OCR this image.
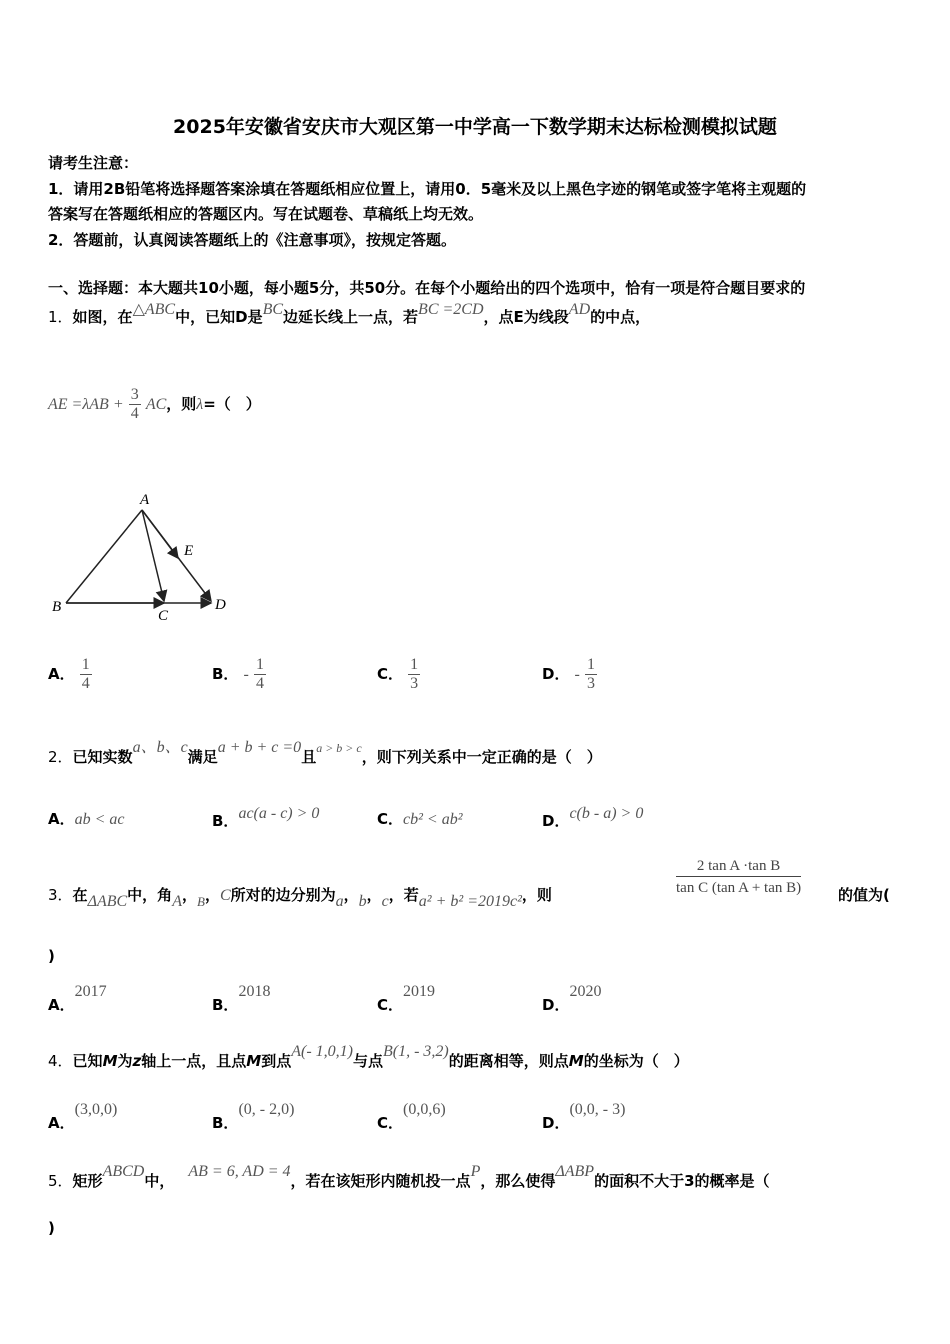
2025年安徽省安庆市大观区第一中学高一下数学期末达标检测模拟试题
请考生注意：
1．请用2B铅笔将选择题答案涂填在答题纸相应位置上，请用0．5毫米及以上黑色字迹的钢笔或签字笔将主观题的
答案写在答题纸相应的答题区内。写在试题卷、草稿纸上均无效。
2．答题前，认真阅读答题纸上的《注意事项》，按规定答题。
一、选择题：本大题共10小题，每小题5分，共50分。在每个小题给出的四个选项中，恰有一项是符合题目要求的
1．如图，在△ABC中，已知D是BC边延长线上一点，若BC =2CD，点E为线段AD的中点，
AE $=\lambda AB + \frac{3}{4}$ AC，则λ=（　）
A
B
C
D
E
A． $\frac{1}{4}$	B． - $\frac{1}{4}$	C． $\frac{1}{3}$	D． - $\frac{1}{3}$
2．已知实数a、b、c满足a + b + c =0且$^{a > b > c}$，则下列关系中一定正确的是（　）
A．ab < ac	B．ac(a - c) > 0	C．cb² < ab²	D．c(b - a) > 0
3．在ΔABC中，角A，$_B$，C所对的边分别为a，b，c，若a² + b² =2019c²，则	$\frac{\text{2 tan A ·tan B}}{\text{tan C (tan A + tan B)}}$ 的值为(
)
A．2017
B．2018
C．2019
D．2020
4．已知M为z轴上一点，且点M到点A(- 1,0,1)与点B(1, - 3,2)的距离相等，则点M的坐标为（　）
A．(3,0,0)
B．(0, - 2,0)
C．(0,0,6)
D．(0,0, - 3)
5．矩形ABCD中，AB = 6, AD = 4，若在该矩形内随机投一点P，那么使得ΔABP的面积不大于3的概率是（
)
